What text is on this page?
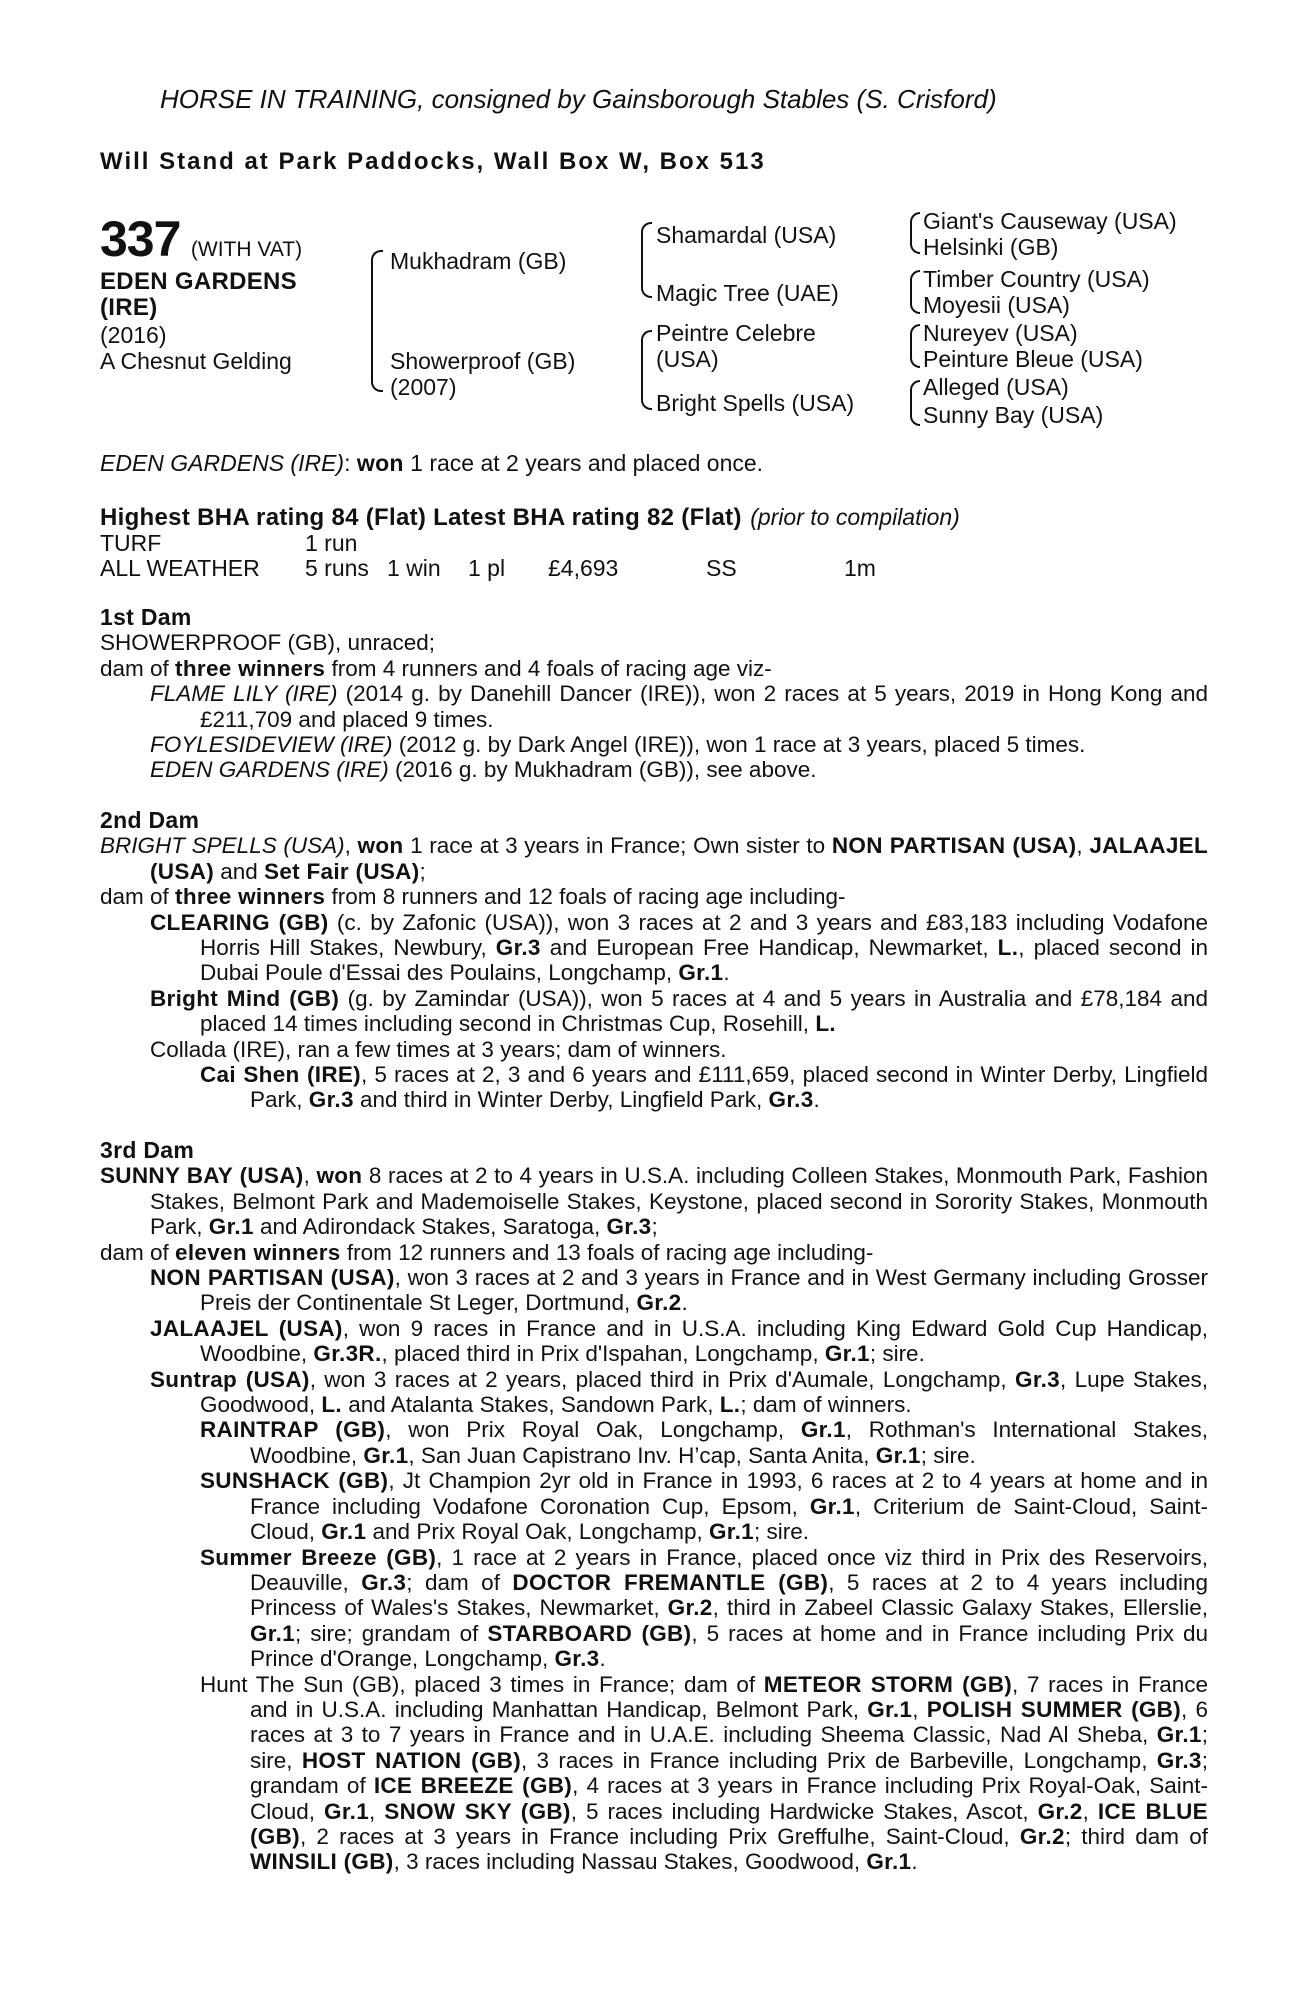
HORSE IN TRAINING, consigned by Gainsborough Stables (S. Crisford)
Will Stand at Park Paddocks, Wall Box W, Box 513
337 (WITH VAT)
EDEN GARDENS
(IRE)
(2016)
A Chesnut Gelding
Mukhadram (GB)
Showerproof (GB)
(2007)
Shamardal (USA)
Magic Tree (UAE)
Peintre Celebre
(USA)
Bright Spells (USA)
Giant's Causeway (USA)
Helsinki (GB)
Timber Country (USA)
Moyesii (USA)
Nureyev (USA)
Peinture Bleue (USA)
Alleged (USA)
Sunny Bay (USA)
EDEN GARDENS (IRE): won 1 race at 2 years and placed once.
Highest BHA rating 84 (Flat) Latest BHA rating 82 (Flat) (prior to compilation)
TURF	1 run
ALL WEATHER 5 runs 1 win 1 pl £4,693	SS	1m
1st Dam
SHOWERPROOF (GB), unraced;
dam of three winners from 4 runners and 4 foals of racing age viz-
FLAME LILY (IRE) (2014 g. by Danehill Dancer (IRE)), won 2 races at 5 years, 2019 in Hong Kong and £211,709 and placed 9 times.
FOYLESIDEVIEW (IRE) (2012 g. by Dark Angel (IRE)), won 1 race at 3 years, placed 5 times.
EDEN GARDENS (IRE) (2016 g. by Mukhadram (GB)), see above.
2nd Dam
BRIGHT SPELLS (USA), won 1 race at 3 years in France; Own sister to NON PARTISAN (USA), JALAAJEL (USA) and Set Fair (USA);
dam of three winners from 8 runners and 12 foals of racing age including-
CLEARING (GB) (c. by Zafonic (USA)), won 3 races at 2 and 3 years and £83,183 including Vodafone Horris Hill Stakes, Newbury, Gr.3 and European Free Handicap, Newmarket, L., placed second in Dubai Poule d'Essai des Poulains, Longchamp, Gr.1.
Bright Mind (GB) (g. by Zamindar (USA)), won 5 races at 4 and 5 years in Australia and £78,184 and placed 14 times including second in Christmas Cup, Rosehill, L.
Collada (IRE), ran a few times at 3 years; dam of winners.
Cai Shen (IRE), 5 races at 2, 3 and 6 years and £111,659, placed second in Winter Derby, Lingfield Park, Gr.3 and third in Winter Derby, Lingfield Park, Gr.3.
3rd Dam
SUNNY BAY (USA), won 8 races at 2 to 4 years in U.S.A. including Colleen Stakes, Monmouth Park, Fashion Stakes, Belmont Park and Mademoiselle Stakes, Keystone, placed second in Sorority Stakes, Monmouth Park, Gr.1 and Adirondack Stakes, Saratoga, Gr.3;
dam of eleven winners from 12 runners and 13 foals of racing age including-
NON PARTISAN (USA), won 3 races at 2 and 3 years in France and in West Germany including Grosser Preis der Continentale St Leger, Dortmund, Gr.2.
JALAAJEL (USA), won 9 races in France and in U.S.A. including King Edward Gold Cup Handicap, Woodbine, Gr.3R., placed third in Prix d'Ispahan, Longchamp, Gr.1; sire.
Suntrap (USA), won 3 races at 2 years, placed third in Prix d'Aumale, Longchamp, Gr.3, Lupe Stakes, Goodwood, L. and Atalanta Stakes, Sandown Park, L.; dam of winners.
RAINTRAP (GB), won Prix Royal Oak, Longchamp, Gr.1, Rothman's International Stakes, Woodbine, Gr.1, San Juan Capistrano Inv. H’cap, Santa Anita, Gr.1; sire.
SUNSHACK (GB), Jt Champion 2yr old in France in 1993, 6 races at 2 to 4 years at home and in France including Vodafone Coronation Cup, Epsom, Gr.1, Criterium de Saint-Cloud, Saint-Cloud, Gr.1 and Prix Royal Oak, Longchamp, Gr.1; sire.
Summer Breeze (GB), 1 race at 2 years in France, placed once viz third in Prix des Reservoirs, Deauville, Gr.3; dam of DOCTOR FREMANTLE (GB), 5 races at 2 to 4 years including Princess of Wales's Stakes, Newmarket, Gr.2, third in Zabeel Classic Galaxy Stakes, Ellerslie, Gr.1; sire; grandam of STARBOARD (GB), 5 races at home and in France including Prix du Prince d'Orange, Longchamp, Gr.3.
Hunt The Sun (GB), placed 3 times in France; dam of METEOR STORM (GB), 7 races in France and in U.S.A. including Manhattan Handicap, Belmont Park, Gr.1, POLISH SUMMER (GB), 6 races at 3 to 7 years in France and in U.A.E. including Sheema Classic, Nad Al Sheba, Gr.1; sire, HOST NATION (GB), 3 races in France including Prix de Barbeville, Longchamp, Gr.3; grandam of ICE BREEZE (GB), 4 races at 3 years in France including Prix Royal-Oak, Saint-Cloud, Gr.1, SNOW SKY (GB), 5 races including Hardwicke Stakes, Ascot, Gr.2, ICE BLUE (GB), 2 races at 3 years in France including Prix Greffulhe, Saint-Cloud, Gr.2; third dam of WINSILI (GB), 3 races including Nassau Stakes, Goodwood, Gr.1.
